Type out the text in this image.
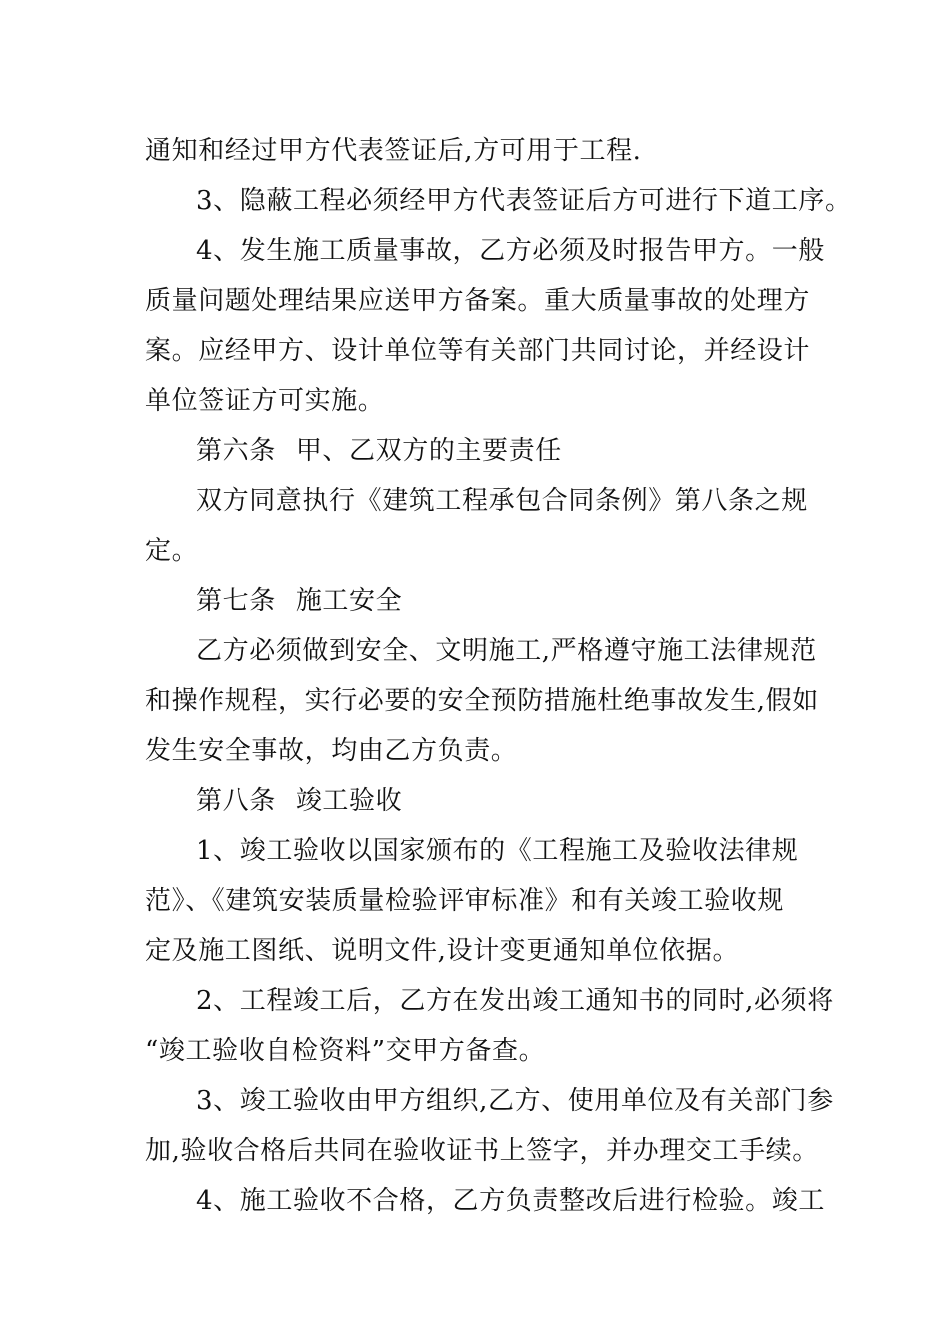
通知和经过甲方代表签证后,方可用于工程.
3、隐蔽工程必须经甲方代表签证后方可进行下道工序。
4、发生施工质量事故，乙方必须及时报告甲方。一般
质量问题处理结果应送甲方备案。重大质量事故的处理方
案。应经甲方、设计单位等有关部门共同讨论，并经设计
单位签证方可实施。
第六条 甲、乙双方的主要责任
双方同意执行《建筑工程承包合同条例》第八条之规
定。
第七条 施工安全
乙方必须做到安全、文明施工,严格遵守施工法律规范
和操作规程，实行必要的安全预防措施杜绝事故发生,假如
发生安全事故，均由乙方负责。
第八条 竣工验收
1、竣工验收以国家颁布的《工程施工及验收法律规
范》、《建筑安装质量检验评审标准》和有关竣工验收规
定及施工图纸、说明文件,设计变更通知单位依据。
2、工程竣工后，乙方在发出竣工通知书的同时,必须将
“竣工验收自检资料”交甲方备查。
3、竣工验收由甲方组织,乙方、使用单位及有关部门参
加,验收合格后共同在验收证书上签字，并办理交工手续。
4、施工验收不合格，乙方负责整改后进行检验。竣工
